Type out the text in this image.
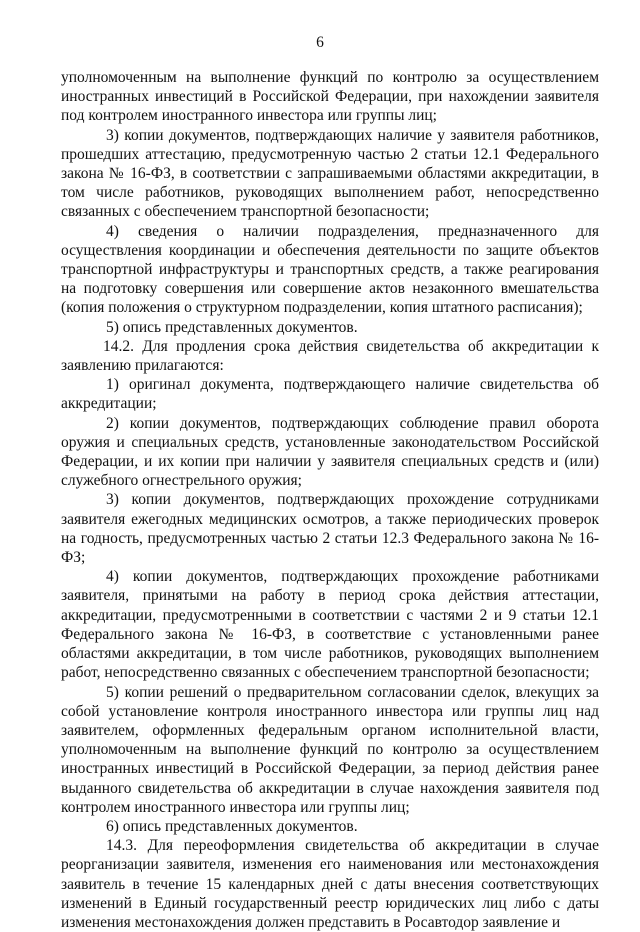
6

уполномоченным на выполнение функций по контролю за осуществлением иностранных инвестиций в Российской Федерации, при нахождении заявителя под контролем иностранного инвестора или группы лиц;

3) копии документов, подтверждающих наличие у заявителя работников, прошедших аттестацию, предусмотренную частью 2 статьи 12.1 Федерального закона № 16-ФЗ, в соответствии с запрашиваемыми областями аккредитации, в том числе работников, руководящих выполнением работ, непосредственно связанных с обеспечением транспортной безопасности;

4) сведения о наличии подразделения, предназначенного для осуществления координации и обеспечения деятельности по защите объектов транспортной инфраструктуры и транспортных средств, а также реагирования на подготовку совершения или совершение актов незаконного вмешательства (копия положения о структурном подразделении, копия штатного расписания);

5) опись представленных документов.

14.2. Для продления срока действия свидетельства об аккредитации к заявлению прилагаются:

1) оригинал документа, подтверждающего наличие свидетельства об аккредитации;

2) копии документов, подтверждающих соблюдение правил оборота оружия и специальных средств, установленные законодательством Российской Федерации, и их копии при наличии у заявителя специальных средств и (или) служебного огнестрельного оружия;

3) копии документов, подтверждающих прохождение сотрудниками заявителя ежегодных медицинских осмотров, а также периодических проверок на годность, предусмотренных частью 2 статьи 12.3 Федерального закона № 16-ФЗ;

4) копии документов, подтверждающих прохождение работниками заявителя, принятыми на работу в период срока действия аттестации, аккредитации, предусмотренными в соответствии с частями 2 и 9 статьи 12.1 Федерального закона № 16-ФЗ, в соответствие с установленными ранее областями аккредитации, в том числе работников, руководящих выполнением работ, непосредственно связанных с обеспечением транспортной безопасности;

5) копии решений о предварительном согласовании сделок, влекущих за собой установление контроля иностранного инвестора или группы лиц над заявителем, оформленных федеральным органом исполнительной власти, уполномоченным на выполнение функций по контролю за осуществлением иностранных инвестиций в Российской Федерации, за период действия ранее выданного свидетельства об аккредитации в случае нахождения заявителя под контролем иностранного инвестора или группы лиц;

6) опись представленных документов.

14.3. Для переоформления свидетельства об аккредитации в случае реорганизации заявителя, изменения его наименования или местонахождения заявитель в течение 15 календарных дней с даты внесения соответствующих изменений в Единый государственный реестр юридических лиц либо с даты изменения местонахождения должен представить в Росавтодор заявление и
